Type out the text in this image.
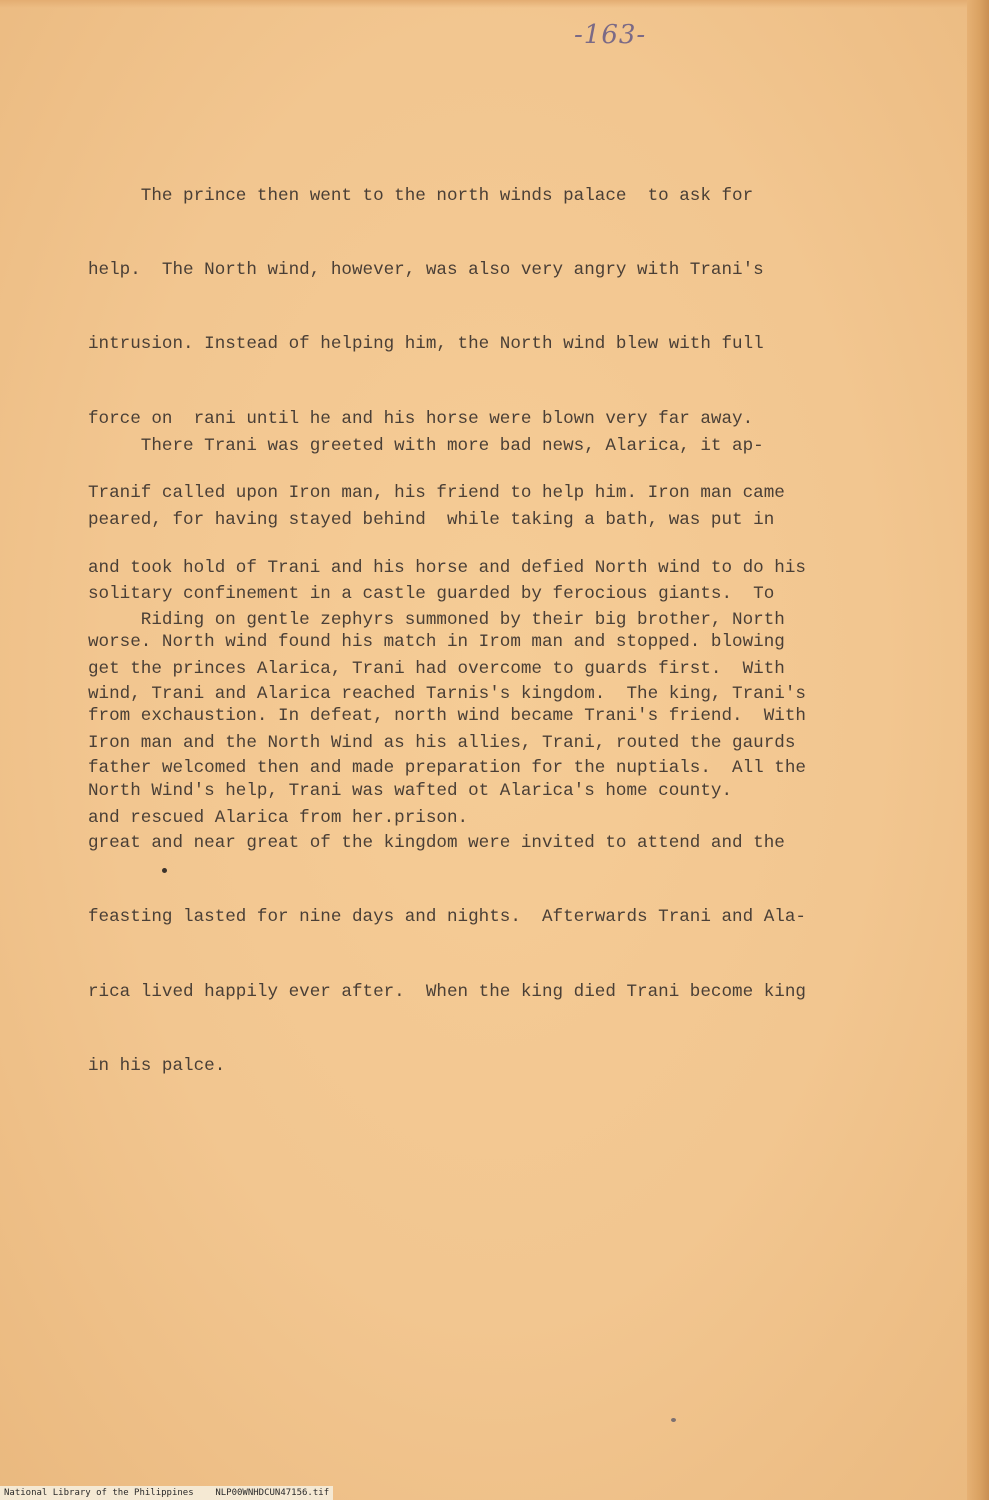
-163-

The prince then went to the north winds palace  to ask for

help.  The North wind, however, was also very angry with Trani's

intrusion. Instead of helping him, the North wind blew with full

force on  rani until he and his horse were blown very far away.

Tranif called upon Iron man, his friend to help him. Iron man came

and took hold of Trani and his horse and defied North wind to do his

worse. North wind found his match in Irom man and stopped. blowing

from exchaustion. In defeat, north wind became Trani's friend.  With

North Wind's help, Trani was wafted ot Alarica's home county.

There Trani was greeted with more bad news, Alarica, it ap-

peared, for having stayed behind  while taking a bath, was put in

solitary confinement in a castle guarded by ferocious giants.  To

get the princes Alarica, Trani had overcome to guards first.  With

Iron man and the North Wind as his allies, Trani, routed the gaurds

and rescued Alarica from her.prison.

Riding on gentle zephyrs summoned by their big brother, North

wind, Trani and Alarica reached Tarnis's kingdom.  The king, Trani's

father welcomed then and made preparation for the nuptials.  All the

great and near great of the kingdom were invited to attend and the

feasting lasted for nine days and nights.  Afterwards Trani and Ala-

rica lived happily ever after.  When the king died Trani become king

in his palce.

National Library of the Philippines    NLP00WNHDCUN47156.tif
